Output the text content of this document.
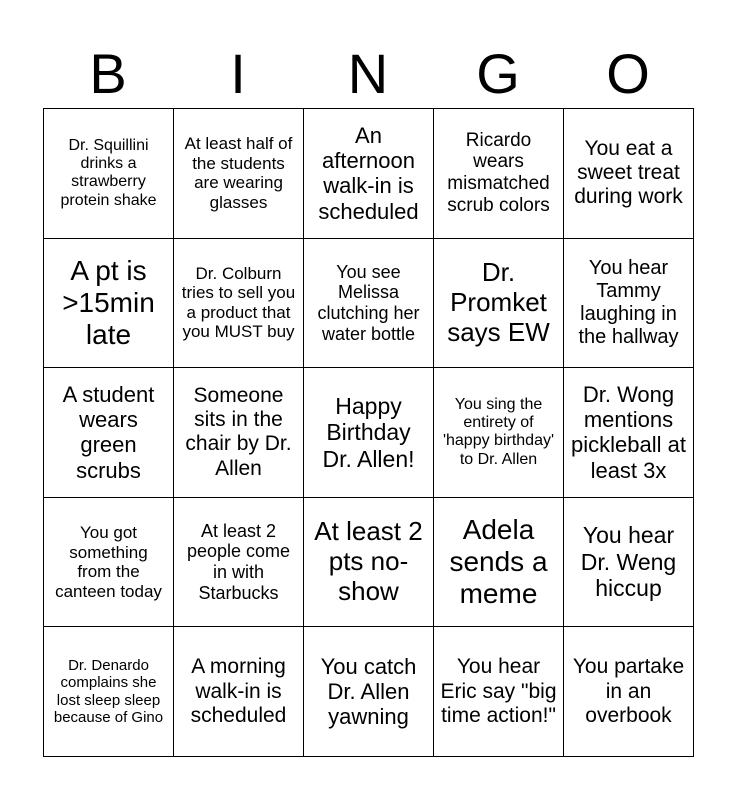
B	I	N	G	O
Dr. Squillini drinks a strawberry protein shake
At least half of the students are wearing glasses
An afternoon walk-in is scheduled
Ricardo wears mismatched scrub colors
You eat a sweet treat during work
A pt is >15min late
Dr. Colburn tries to sell you a product that you MUST buy
You see Melissa clutching her water bottle
Dr. Promket says EW
You hear Tammy laughing in the hallway
A student wears green scrubs
Someone sits in the chair by Dr. Allen
Happy Birthday Dr. Allen!
You sing the entirety of 'happy birthday' to Dr. Allen
Dr. Wong mentions pickleball at least 3x
You got something from the canteen today
At least 2 people come in with Starbucks
At least 2 pts no-show
Adela sends a meme
You hear Dr. Weng hiccup
Dr. Denardo complains she lost sleep sleep because of Gino
A morning walk-in is scheduled
You catch Dr. Allen yawning
You hear Eric say "big time action!"
You partake in an overbook
